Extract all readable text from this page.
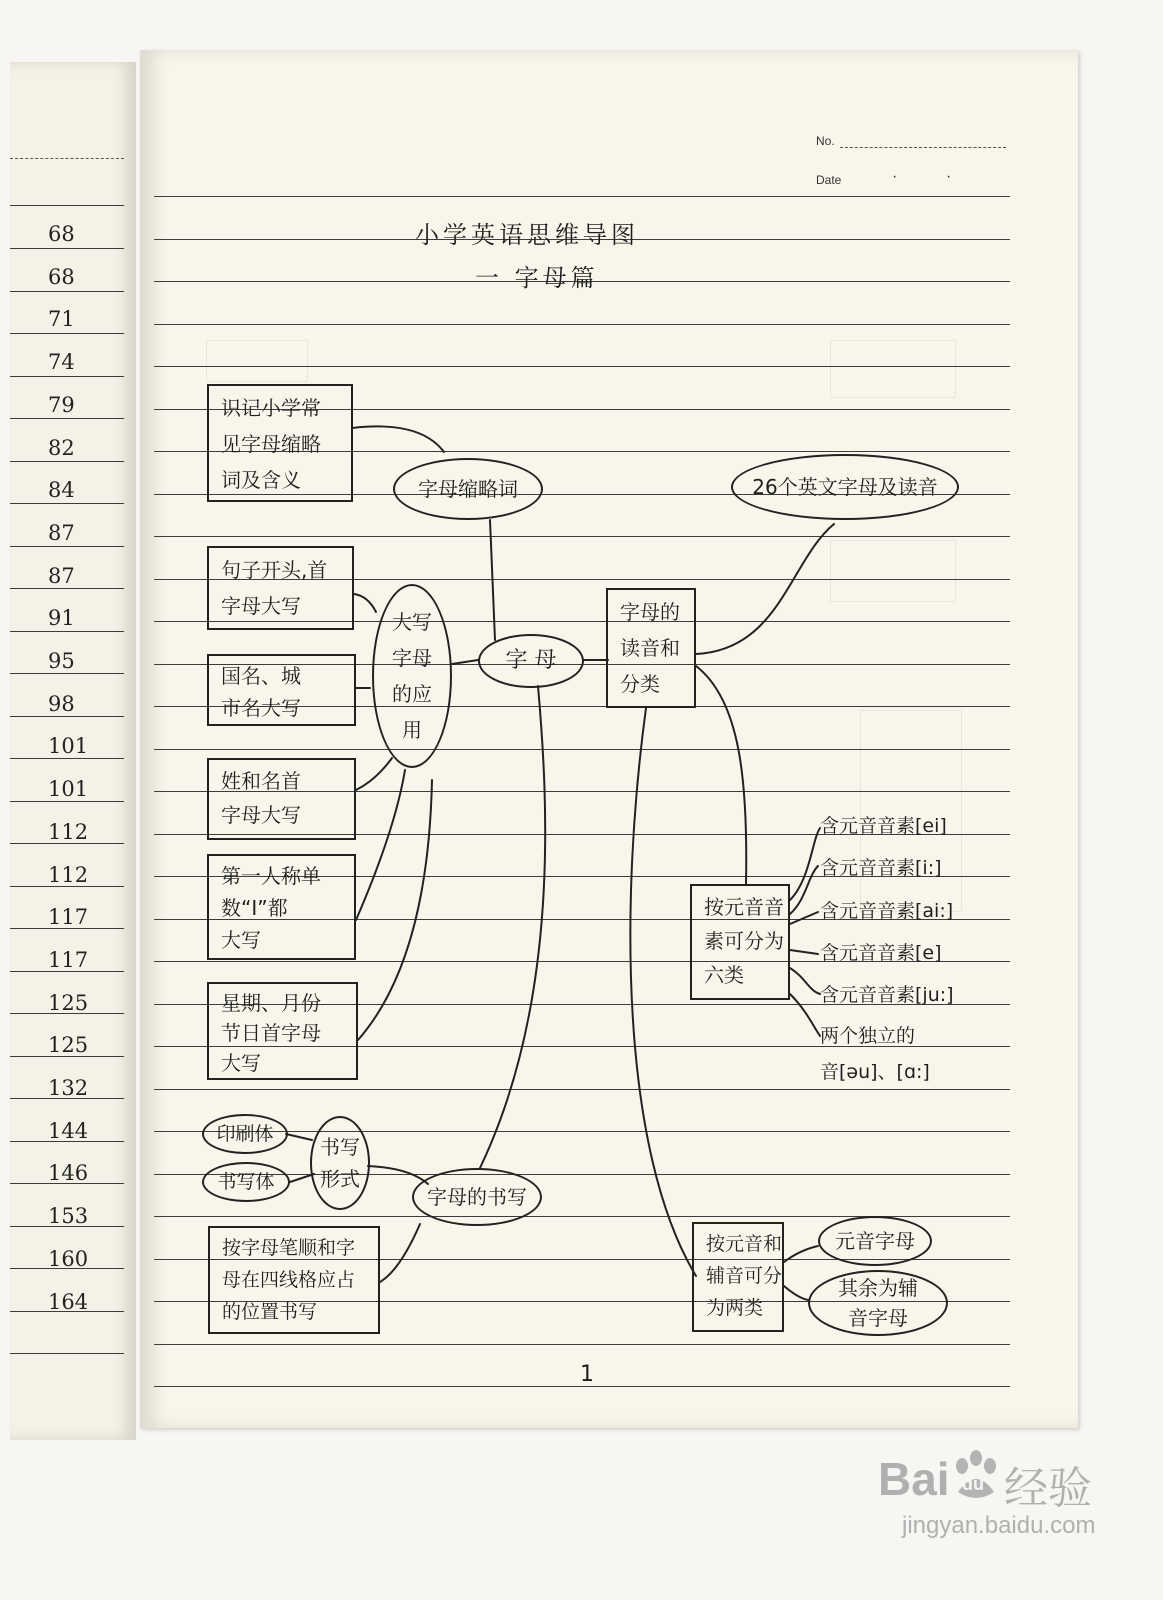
68
68
71
74
79
82
84
87
87
91
95
98
101
101
112
112
117
117
125
125
132
144
146
153
160
164
No.
Date	·	·
小学英语思维导图
一 字母篇
识记小学常
见字母缩略
词及含义	字母缩略词
大写
字母
的应
用
句子开头,首
字母大写
国名、城
市名大写
姓和名首
字母大写
第一人称单
数“I”都
大写
星期、月份
节日首字母
大写
字 母
字母的
读音和
分类
26个英文字母及读音
按元音音
素可分为
六类
含元音音素[ei]
含元音音素[i:]
含元音音素[ai:]
含元音音素[e]
含元音音素[ju:]
两个独立的
音[əu]、[ɑ:]
按元音和
辅音可分
为两类
元音字母
其余为辅
音字母
字母的书写
书写
形式
印刷体
书写体
按字母笔顺和字
母在四线格应占
的位置书写
1
Bai du 经验
jingyan.baidu.com
